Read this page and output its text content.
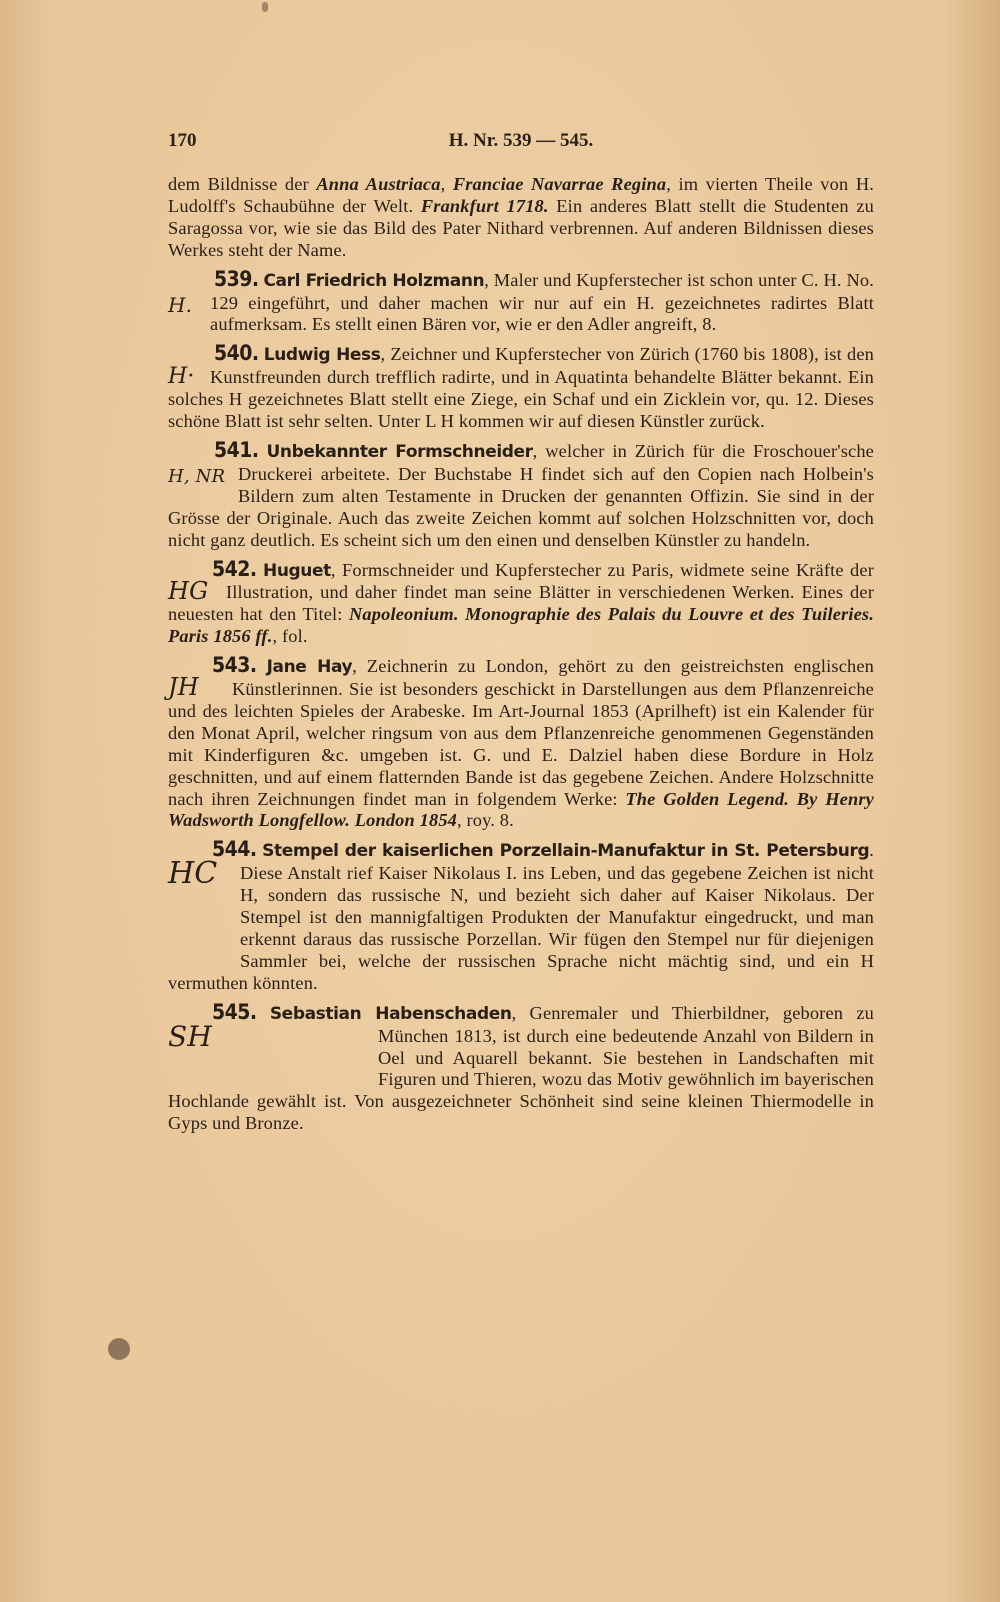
170	H. Nr. 539 — 545.

dem Bildnisse der Anna Austriaca, Franciae Navarrae Regina, im vierten Theile von H. Ludolff's Schaubühne der Welt. Frankfurt 1718. Ein anderes Blatt stellt die Studenten zu Saragossa vor, wie sie das Bild des Pater Nithard verbrennen. Auf anderen Bildnissen dieses Werkes steht der Name.

H.
539. Carl Friedrich Holzmann, Maler und Kupferstecher ist schon unter C. H. No. 129 eingeführt, und daher machen wir nur auf ein H. gezeichnetes radirtes Blatt aufmerksam. Es stellt einen Bären vor, wie er den Adler angreift, 8.
H·
540. Ludwig Hess, Zeichner und Kupferstecher von Zürich (1760 bis 1808), ist den Kunstfreunden durch trefflich radirte, und in Aquatinta behandelte Blätter bekannt. Ein solches H gezeichnetes Blatt stellt eine Ziege, ein Schaf und ein Zicklein vor, qu. 12. Dieses schöne Blatt ist sehr selten. Unter L H kommen wir auf diesen Künstler zurück.
H, NR
541. Unbekannter Formschneider, welcher in Zürich für die Froschouer'sche Druckerei arbeitete. Der Buchstabe H findet sich auf den Copien nach Holbein's Bildern zum alten Testamente in Drucken der genannten Offizin. Sie sind in der Grösse der Originale. Auch das zweite Zeichen kommt auf solchen Holzschnitten vor, doch nicht ganz deutlich. Es scheint sich um den einen und denselben Künstler zu handeln.
HG
542. Huguet, Formschneider und Kupferstecher zu Paris, widmete seine Kräfte der Illustration, und daher findet man seine Blätter in verschiedenen Werken. Eines der neuesten hat den Titel: Napoleonium. Monographie des Palais du Louvre et des Tuileries. Paris 1856 ff., fol.
JH
543. Jane Hay, Zeichnerin zu London, gehört zu den geistreichsten englischen Künstlerinnen. Sie ist besonders geschickt in Darstellungen aus dem Pflanzenreiche und des leichten Spieles der Arabeske. Im Art-Journal 1853 (Aprilheft) ist ein Kalender für den Monat April, welcher ringsum von aus dem Pflanzenreiche genommenen Gegenständen mit Kinderfiguren &c. umgeben ist. G. und E. Dalziel haben diese Bordure in Holz geschnitten, und auf einem flatternden Bande ist das gegebene Zeichen. Andere Holzschnitte nach ihren Zeichnungen findet man in folgendem Werke: The Golden Legend. By Henry Wadsworth Longfellow. London 1854, roy. 8.
HC
544. Stempel der kaiserlichen Porzellain-Manufaktur in St. Petersburg. Diese Anstalt rief Kaiser Nikolaus I. ins Leben, und das gegebene Zeichen ist nicht H, sondern das russische N, und bezieht sich daher auf Kaiser Nikolaus. Der Stempel ist den mannigfaltigen Produkten der Manufaktur eingedruckt, und man erkennt daraus das russische Porzellan. Wir fügen den Stempel nur für diejenigen Sammler bei, welche der russischen Sprache nicht mächtig sind, und ein H vermuthen könnten.
SH
545. Sebastian Habenschaden, Genremaler und Thierbildner, geboren zu München 1813, ist durch eine bedeutende Anzahl von Bildern in Oel und Aquarell bekannt. Sie bestehen in Landschaften mit Figuren und Thieren, wozu das Motiv gewöhnlich im bayerischen Hochlande gewählt ist. Von ausgezeichneter Schönheit sind seine kleinen Thiermodelle in Gyps und Bronze.
